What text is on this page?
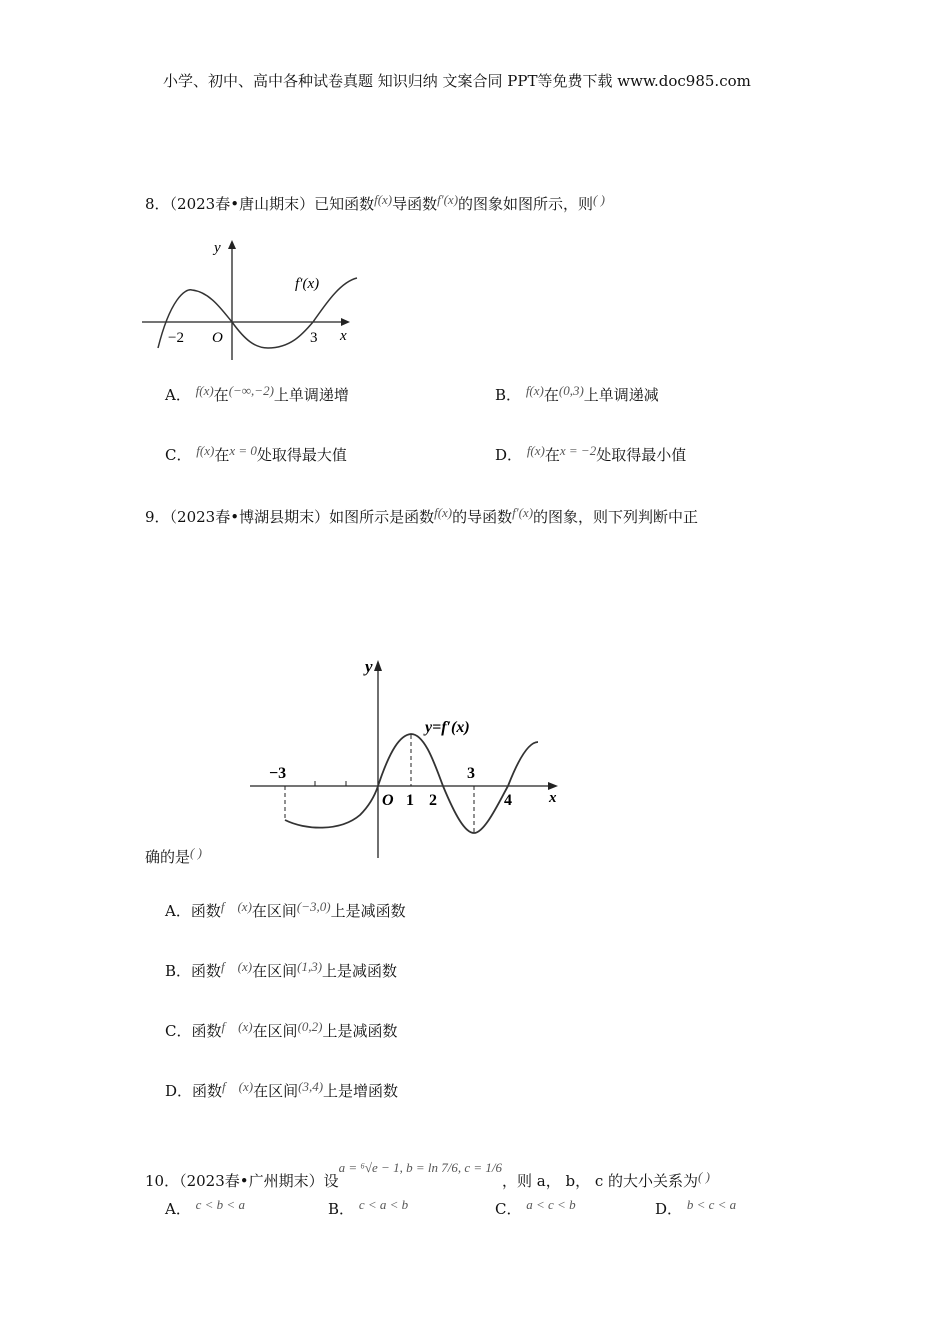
小学、初中、高中各种试卷真题 知识归纳 文案合同 PPT等免费下载 www.doc985.com
8．（2023春•唐山期末）已知函数f(x)导函数f′(x)的图象如图所示，则( )
y
x
f′(x)
−2 O	3
A． f(x)在(−∞,−2)上单调递增	B． f(x)在(0,3)上单调递减
C． f(x)在x = 0处取得最大值	D． f(x)在x = −2处取得最小值
9．（2023春•博湖县期末）如图所示是函数f(x)的导函数f′(x)的图象，则下列判断中正
y
x
y=f′(x)
−3
O 1 2
3
4
确的是( )
A．函数f    (x)在区间(−3,0)上是减函数
B．函数f    (x)在区间(1,3)上是减函数
C．函数f    (x)在区间(0,2)上是减函数
D．函数f    (x)在区间(3,4)上是增函数
10．（2023春•广州期末）设a = ⁶√e − 1, b = ln 7/6, c = 1/6，则 a， b， c 的大小关系为( )
A． c < b < a	B． c < a < b	C． a < c < b	D． b < c < a
